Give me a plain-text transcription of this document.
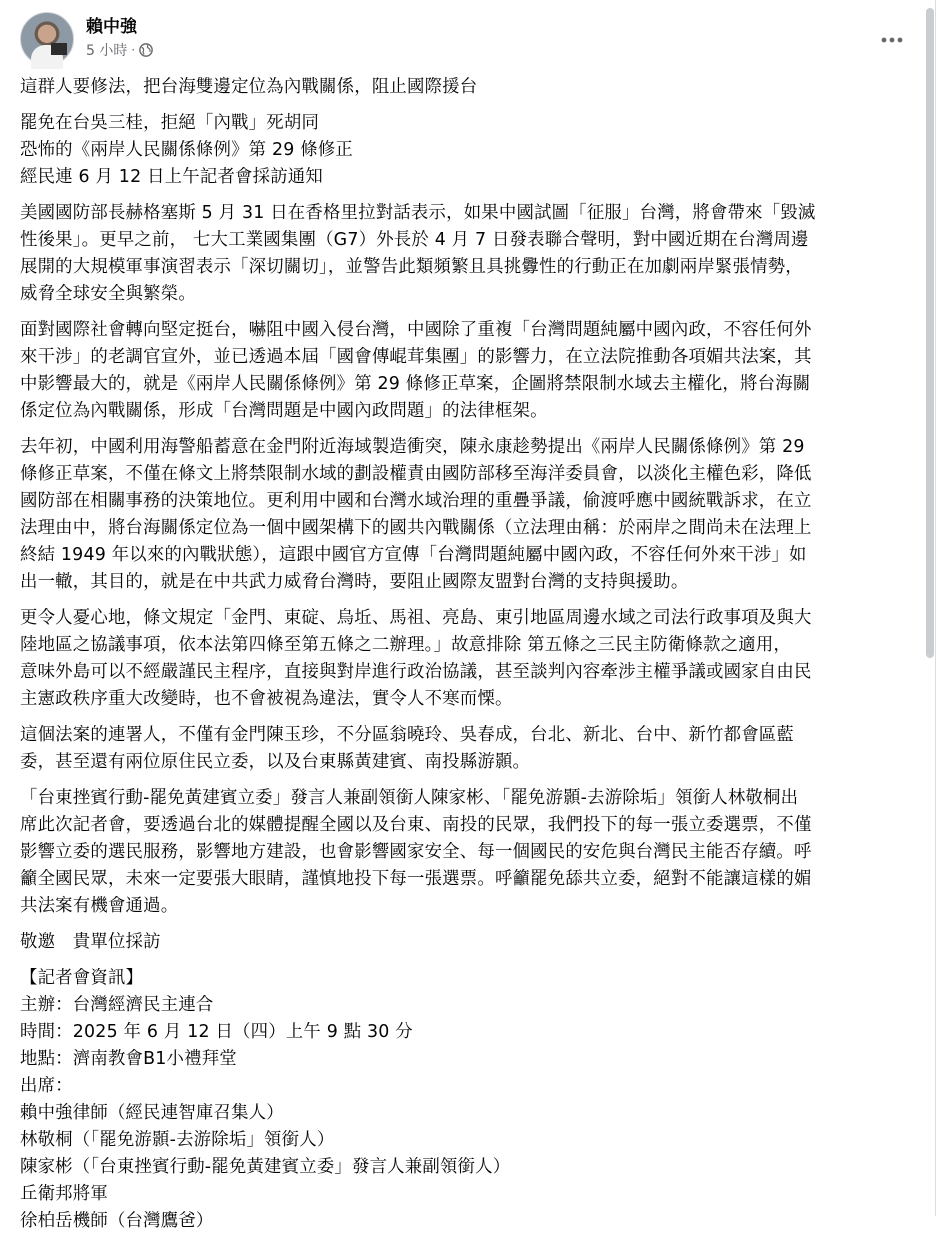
賴中強
5 小時 ·

這群人要修法，把台海雙邊定位為內戰關係，阻止國際援台

罷免在台吳三桂，拒絕「內戰」死胡同
恐怖的《兩岸人民關係條例》第 29 條修正
經民連 6 月 12 日上午記者會採訪通知

美國國防部長赫格塞斯 5 月 31 日在香格里拉對話表示，如果中國試圖「征服」台灣，將會帶來「毀滅
性後果」。更早之前， 七大工業國集團（G7）外長於 4 月 7 日發表聯合聲明，對中國近期在台灣周邊
展開的大規模軍事演習表示「深切關切」，並警告此類頻繁且具挑釁性的行動正在加劇兩岸緊張情勢，
威脅全球安全與繁榮。

面對國際社會轉向堅定挺台，嚇阻中國入侵台灣，中國除了重複「台灣問題純屬中國內政，不容任何外
來干涉」的老調官宣外，並已透過本屆「國會傳崐茸集團」的影響力，在立法院推動各項媚共法案，其
中影響最大的，就是《兩岸人民關係條例》第 29 條修正草案，企圖將禁限制水域去主權化，將台海關
係定位為內戰關係，形成「台灣問題是中國內政問題」的法律框架。

去年初，中國利用海警船蓄意在金門附近海域製造衝突，陳永康趁勢提出《兩岸人民關係條例》第 29
條修正草案，不僅在條文上將禁限制水域的劃設權責由國防部移至海洋委員會，以淡化主權色彩，降低
國防部在相關事務的決策地位。更利用中國和台灣水域治理的重疊爭議，偷渡呼應中國統戰訴求，在立
法理由中，將台海關係定位為一個中國架構下的國共內戰關係（立法理由稱：於兩岸之間尚未在法理上
終結 1949 年以來的內戰狀態），這跟中國官方宣傳「台灣問題純屬中國內政，不容任何外來干涉」如
出一轍，其目的，就是在中共武力威脅台灣時，要阻止國際友盟對台灣的支持與援助。

更令人憂心地，條文規定「金門、東碇、烏坵、馬祖、亮島、東引地區周邊水域之司法行政事項及與大
陸地區之協議事項，依本法第四條至第五條之二辦理。」故意排除 第五條之三民主防衛條款之適用，
意味外島可以不經嚴謹民主程序，直接與對岸進行政治協議，甚至談判內容牽涉主權爭議或國家自由民
主憲政秩序重大改變時，也不會被視為違法，實令人不寒而慄。

這個法案的連署人，不僅有金門陳玉珍，不分區翁曉玲、吳春成，台北、新北、台中、新竹都會區藍
委，甚至還有兩位原住民立委，以及台東縣黃建賓、南投縣游顥。

「台東挫賓行動-罷免黃建賓立委」發言人兼副領銜人陳家彬、「罷免游顥-去游除垢」領銜人林敬桐出
席此次記者會，要透過台北的媒體提醒全國以及台東、南投的民眾，我們投下的每一張立委選票，不僅
影響立委的選民服務，影響地方建設，也會影響國家安全、每一個國民的安危與台灣民主能否存續。呼
籲全國民眾，未來一定要張大眼睛，謹慎地投下每一張選票。呼籲罷免舔共立委，絕對不能讓這樣的媚
共法案有機會通過。

敬邀　貴單位採訪

【記者會資訊】
主辦：台灣經濟民主連合
時間：2025 年 6 月 12 日（四）上午 9 點 30 分
地點：濟南教會B1小禮拜堂
出席：
賴中強律師（經民連智庫召集人）
林敬桐（「罷免游顥-去游除垢」領銜人）
陳家彬（「台東挫賓行動-罷免黃建賓立委」發言人兼副領銜人）
丘衛邦將軍
徐柏岳機師（台灣鷹爸）
